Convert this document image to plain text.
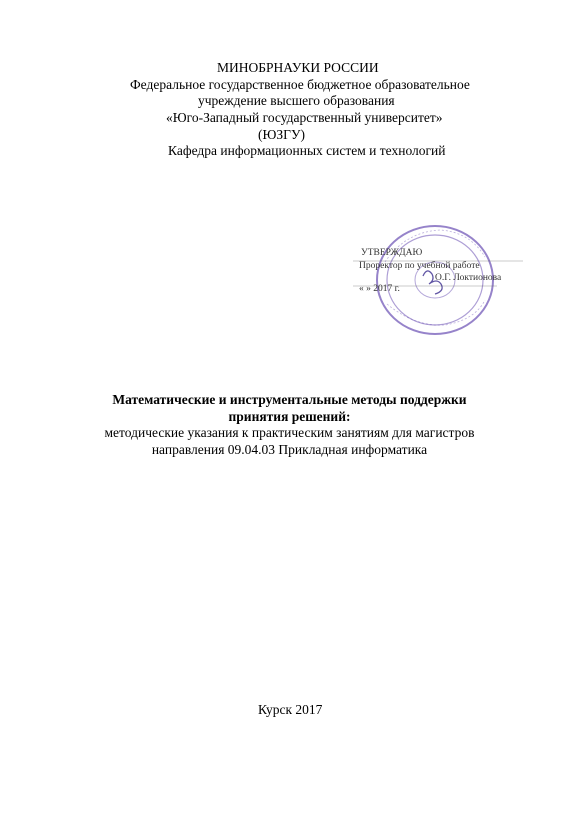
МИНОБРНАУКИ РОССИИ
Федеральное государственное бюджетное образовательное
учреждение высшего образования
«Юго-Западный государственный университет»
(ЮЗГУ)
Кафедра информационных систем и технологий
УТВЕРЖДАЮ
Проректор по учебной работе
О.Г. Локтионова
« » 2017 г.
Математические и инструментальные методы поддержки
принятия решений:
методические указания к практическим занятиям для магистров
направления 09.04.03 Прикладная информатика
Курск 2017
